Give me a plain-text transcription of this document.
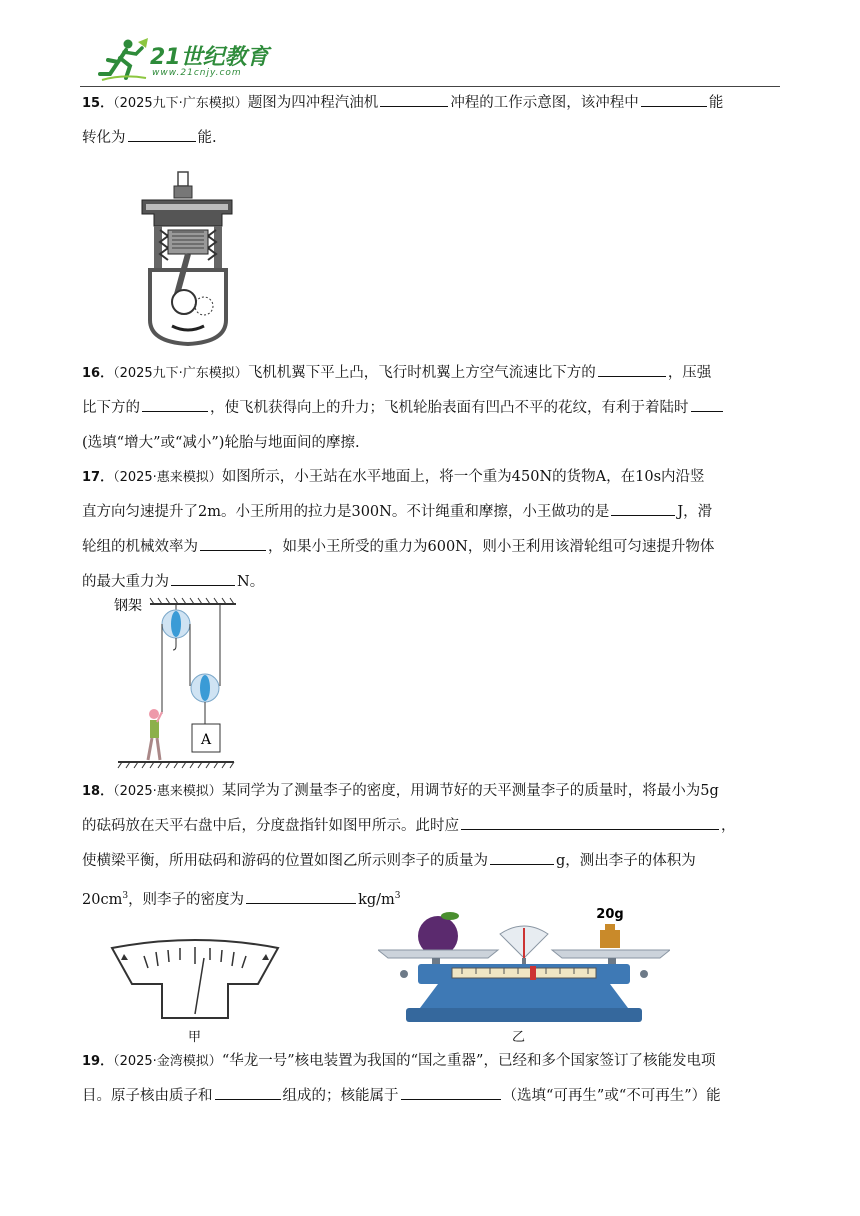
21世纪教育
www.21cnjy.com
15．（2025九下·广东模拟）题图为四冲程汽油机	冲程的工作示意图，该冲程中	能
转化为	能.
16．（2025九下·广东模拟）飞机机翼下平上凸，飞行时机翼上方空气流速比下方的	，压强
比下方的	，使飞机获得向上的升力；飞机轮胎表面有凹凸不平的花纹，有利于着陆时
(选填“增大”或“减小”)轮胎与地面间的摩擦.
17．（2025·惠来模拟）如图所示，小王站在水平地面上，将一个重为450N的货物A，在10s内沿竖
直方向匀速提升了2m。小王所用的拉力是300N。不计绳重和摩擦，小王做功的是	J，滑
轮组的机械效率为	，如果小王所受的重力为600N，则小王利用该滑轮组可匀速提升物体
的最大重力为	N。
钢架
A
18．（2025·惠来模拟）某同学为了测量李子的密度，用调节好的天平测量李子的质量时，将最小为5g
的砝码放在天平右盘中后，分度盘指针如图甲所示。此时应	，
使横梁平衡，所用砝码和游码的位置如图乙所示则李子的质量为	g，测出李子的体积为
$20cm^3$，则李子的密度为	$kg/m^3$
甲
20g
乙
19．（2025·金湾模拟）“华龙一号”核电装置为我国的“国之重器”，已经和多个国家签订了核能发电项
目。原子核由质子和	组成的；核能属于	（选填“可再生”或“不可再生”）能
